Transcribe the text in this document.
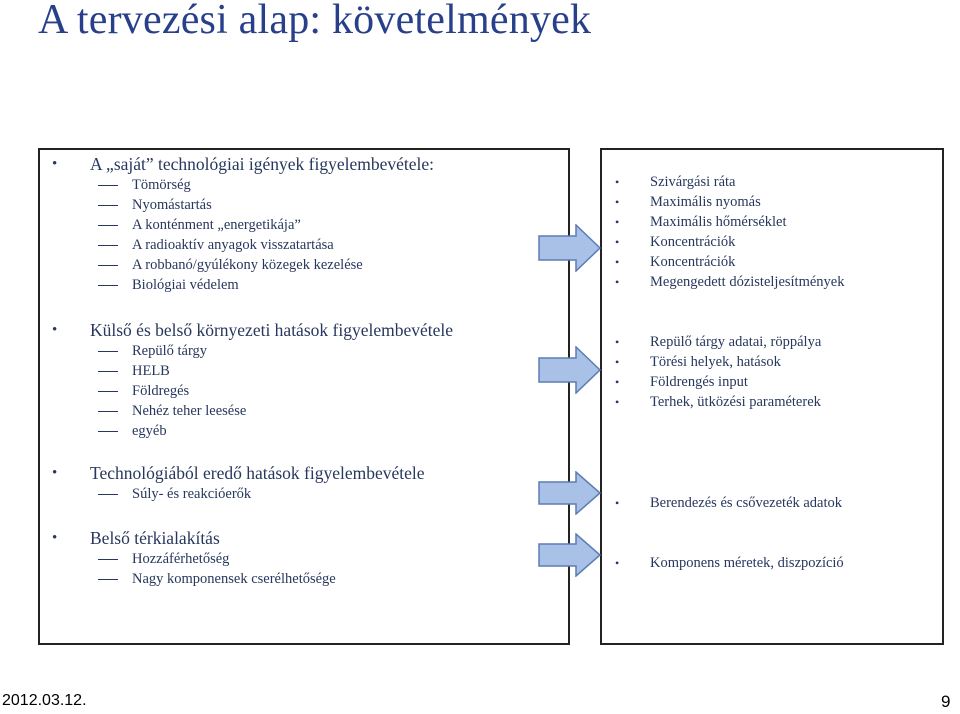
A tervezési alap: követelmények
• A „saját” technológiai igények figyelembevétele:
Tömörség
Nyomástartás
A konténment „energetikája”
A radioaktív anyagok visszatartása
A robbanó/gyúlékony közegek kezelése
Biológiai védelem
• Külső és belső környezeti hatások figyelembevétele
Repülő tárgy
HELB
Földregés
Nehéz teher leesése
egyéb
• Technológiából eredő hatások figyelembevétele
Súly- és reakcióerők
• Belső térkialakítás
Hozzáférhetőség
Nagy komponensek cserélhetősége
• Szivárgási ráta
• Maximális nyomás
• Maximális hőmérséklet
• Koncentrációk
• Koncentrációk
• Megengedett dózisteljesítmények
• Repülő tárgy adatai, röppálya
• Törési helyek, hatások
• Földrengés input
• Terhek, ütközési paraméterek
• Berendezés és csővezeték adatok
• Komponens méretek, diszpozíció
2012.03.12.	9
